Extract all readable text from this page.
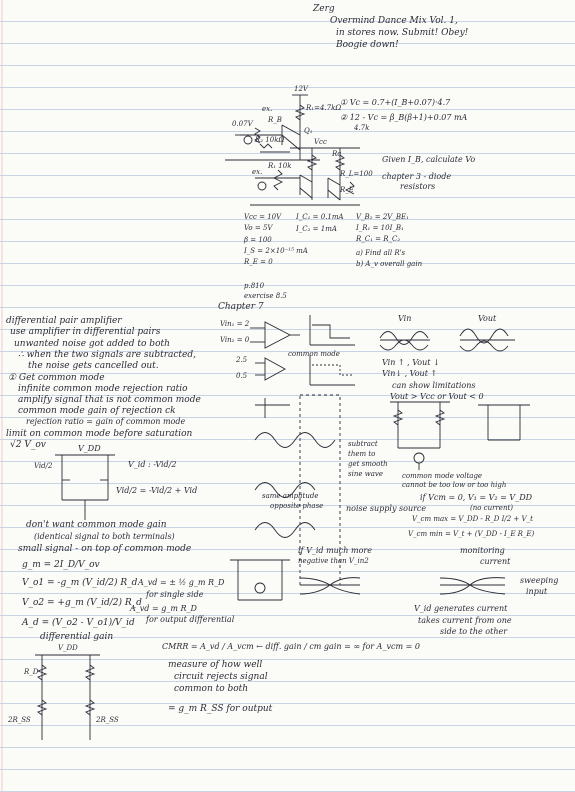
Zerg
Overmind Dance Mix Vol. 1,
in stores now. Submit! Obey!
Boogie down!
12V
R₁=4.7kΩ
ex.
R_B
0.07V
R₂ 10kΩ
Q₁
① Vc = 0.7+(I_B+0.07)·4.7
② 12 - Vc = β_B(β+1)+0.07 mA
4.7k
ex.
R₁ 10k
Rc
Vcc
R_L=100
R_E
Given I_B, calculate Vo
chapter 3 - diode
resistors
Vcc = 10V
Vo = 5V
β = 100
I_S = 2×10⁻¹⁵ mA
R_E = 0
I_C₁ = 0.1mA
I_C₂ = 1mA
V_B₂ = 2V_BE₁
I_R₁ = 10I_B₁
R_C₁ = R_C₂
a) Find all R's
b) A_v overall gain
p.810
exercise 8.5
Chapter 7
differential pair amplifier
use amplifier in differential pairs
unwanted noise got added to both
∴ when the two signals are subtracted,
the noise gets cancelled out.
① Get common mode
infinite common mode rejection ratio
amplify signal that is not common mode
common mode gain of rejection ck
rejection ratio = gain of common mode
limit on common mode before saturation
√2 V_ov
Vin₁ = 2
Vin₂ = 0
2.5
0.5
common mode
Vin	Vout
Vin ↑ , Vout ↓
Vin↓ , Vout ↑
can show limitations
Vout > Vcc or Vout < 0
V_DD
Vid/2	V_id : -Vid/2
Vid/2 = -Vid/2 + Vid
subtract
them to
get smooth
sine wave
same amplitude
opposite phase	noise supply source
common mode voltage
cannot be too low or too high
if Vcm = 0, V₁ = V₂ = V_DD
(no current)
V_cm max = V_DD - R_D I/2 + V_t
V_cm min = V_t + (V_DD - I_E R_E)
don't want common mode gain
(identical signal to both terminals)
small signal - on top of common mode
g_m = 2I_D/V_ov
V_o1 = -g_m (V_id/2) R_d
V_o2 = +g_m (V_id/2) R_d
A_d = (V_o2 - V_o1)/V_id
differential gain
A_vd = ± ½ g_m R_D
for single side
A_vd = g_m R_D
for output differential
if V_id much more
negative than V_in2
monitoring
current
sweeping
input
V_id generates current
takes current from one
side to the other
CMRR = A_vd / A_vcm ← diff. gain / cm gain = ∞ for A_vcm = 0
measure of how well
circuit rejects signal
common to both
= g_m R_SS for output
2R_SS	2R_SS
R_D
V_DD
